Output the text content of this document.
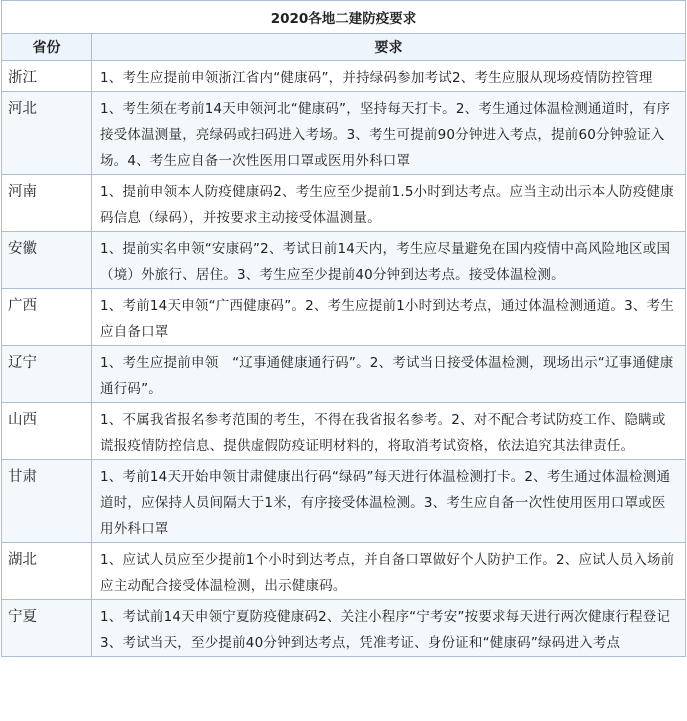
2020各地二建防疫要求	
省份	要求
浙江	1、考生应提前申领浙江省内“健康码”，并持绿码参加考试2、考生应服从现场疫情防控管理
河北	1、考生须在考前14天申领河北“健康码”，坚持每天打卡。2、考生通过体温检测通道时，有序接受体温测量，亮绿码或扫码进入考场。3、考生可提前90分钟进入考点，提前60分钟验证入场。4、考生应自备一次性医用口罩或医用外科口罩
河南	1、提前申领本人防疫健康码2、考生应至少提前1.5小时到达考点。应当主动出示本人防疫健康码信息（绿码），并按要求主动接受体温测量。
安徽	1、提前实名申领“安康码”2、考试日前14天内，考生应尽量避免在国内疫情中高风险地区或国（境）外旅行、居住。3、考生应至少提前40分钟到达考点。接受体温检测。
广西	1、考前14天申领“广西健康码”。2、考生应提前1小时到达考点，通过体温检测通道。3、考生应自备口罩
辽宁	1、考生应提前申领　“辽事通健康通行码”。2、考试当日接受体温检测，现场出示“辽事通健康通行码”。
山西	1、不属我省报名参考范围的考生，不得在我省报名参考。2、对不配合考试防疫工作、隐瞒或谎报疫情防控信息、提供虚假防疫证明材料的，将取消考试资格，依法追究其法律责任。
甘肃	1、考前14天开始申领甘肃健康出行码“绿码”每天进行体温检测打卡。2、考生通过体温检测通道时，应保持人员间隔大于1米，有序接受体温检测。3、考生应自备一次性使用医用口罩或医用外科口罩
湖北	1、应试人员应至少提前1个小时到达考点，并自备口罩做好个人防护工作。2、应试人员入场前应主动配合接受体温检测，出示健康码。
宁夏	1、考试前14天申领宁夏防疫健康码2、关注小程序“宁考安”按要求每天进行两次健康行程登记3、考试当天，至少提前40分钟到达考点，凭准考证、身份证和“健康码”绿码进入考点
